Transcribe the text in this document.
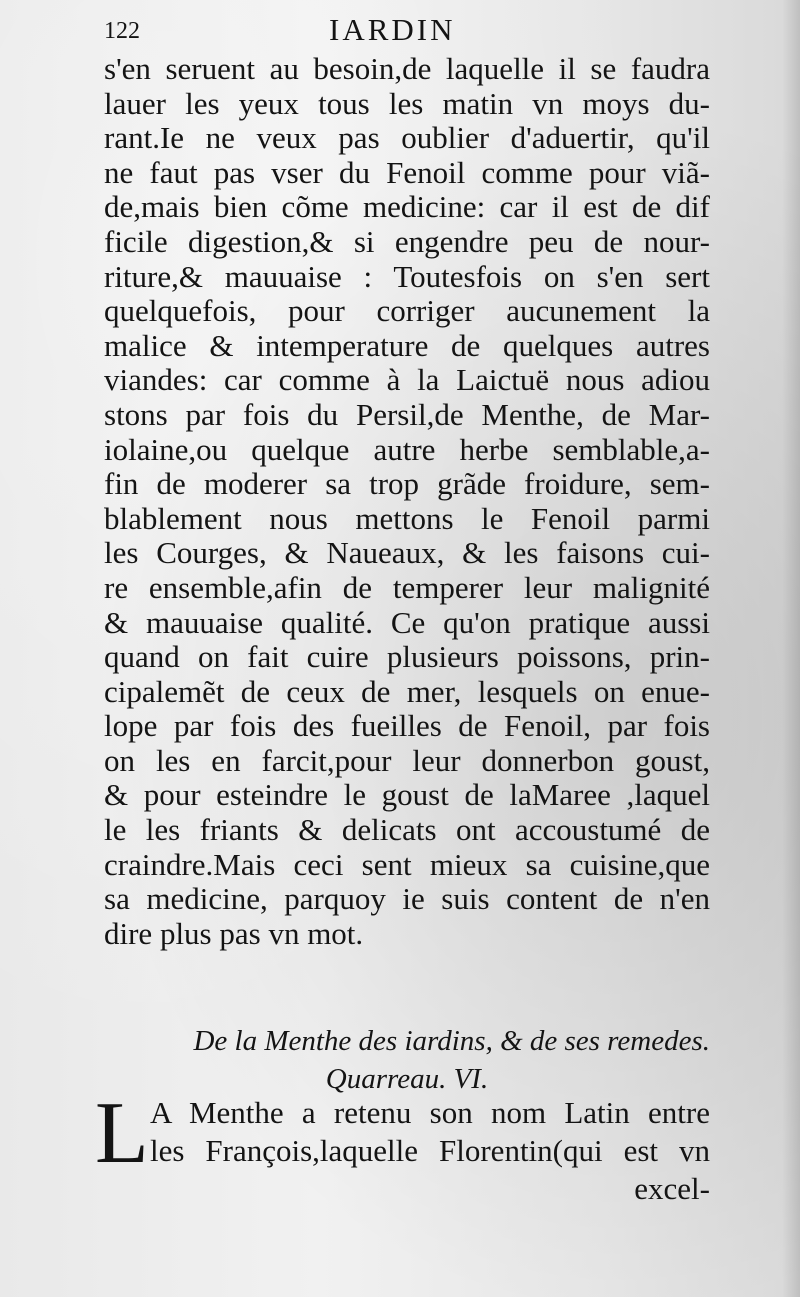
122	IARDIN
s'en seruent au besoin,de laquelle il se faudra
lauer les yeux tous les matin vn moys du-
rant.Ie ne veux pas oublier d'aduertir, qu'il
ne faut pas vser du Fenoil comme pour viã-
de,mais bien cõme medicine: car il est de dif
ficile digestion,& si engendre peu de nour-
riture,& mauuaise : Toutesfois on s'en sert
quelquefois, pour corriger aucunement la
malice & intemperature de quelques autres
viandes: car comme à la Laictuë nous adiou
stons par fois du Persil,de Menthe, de Mar-
iolaine,ou quelque autre herbe semblable,a-
fin de moderer sa trop grãde froidure, sem-
blablement nous mettons le Fenoil parmi
les Courges, & Naueaux, & les faisons cui-
re ensemble,afin de temperer leur malignité
& mauuaise qualité. Ce qu'on pratique aussi
quand on fait cuire plusieurs poissons, prin-
cipalemẽt de ceux de mer, lesquels on enue-
lope par fois des fueilles de Fenoil, par fois
on les en farcit,pour leur donnerbon goust,
& pour esteindre le goust de laMaree ,laquel
le les friants & delicats ont accoustumé de
craindre.Mais ceci sent mieux sa cuisine,que
sa medicine, parquoy ie suis content de n'en
dire plus pas vn mot.
De la Menthe des iardins, & de ses remedes.
Quarreau. VI.
L A Menthe a retenu son nom Latin entre
les François,laquelle Florentin(qui est vn
excel-
